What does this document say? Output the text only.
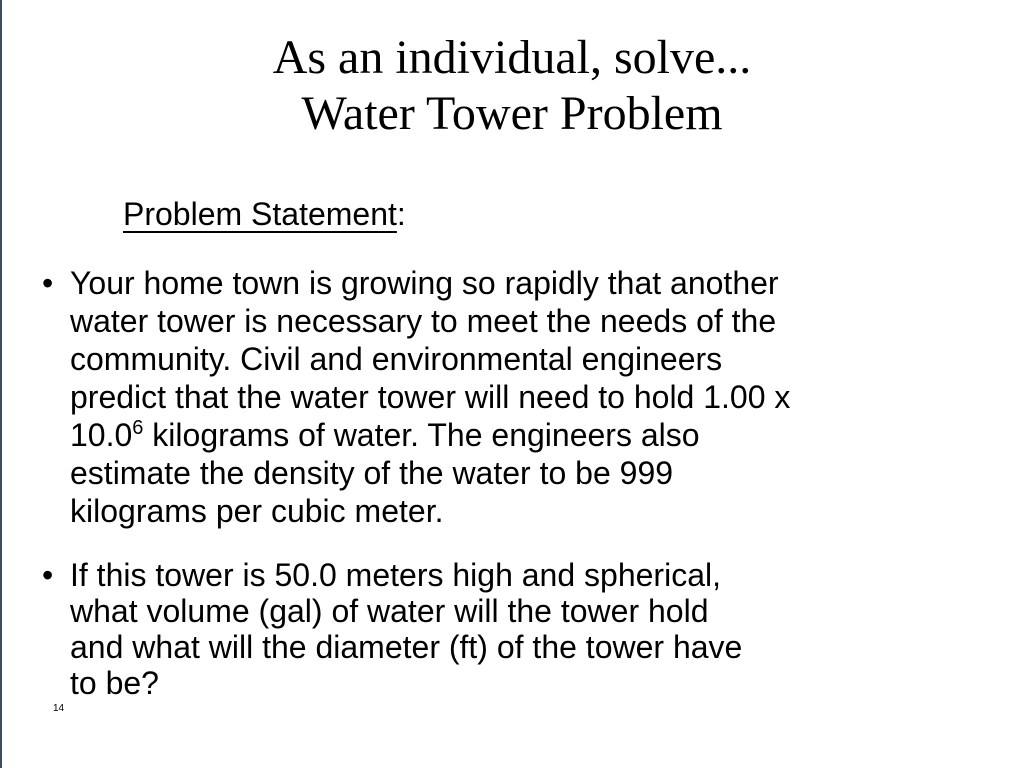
As an individual, solve...
Water Tower Problem
Problem Statement:
• Your home town is growing so rapidly that another
water tower is necessary to meet the needs of the
community. Civil and environmental engineers
predict that the water tower will need to hold 1.00 x
10.0$^6$ kilograms of water. The engineers also
estimate the density of the water to be 999
kilograms per cubic meter.
• If this tower is 50.0 meters high and spherical,
what volume (gal) of water will the tower hold
and what will the diameter (ft) of the tower have
to be?
14
